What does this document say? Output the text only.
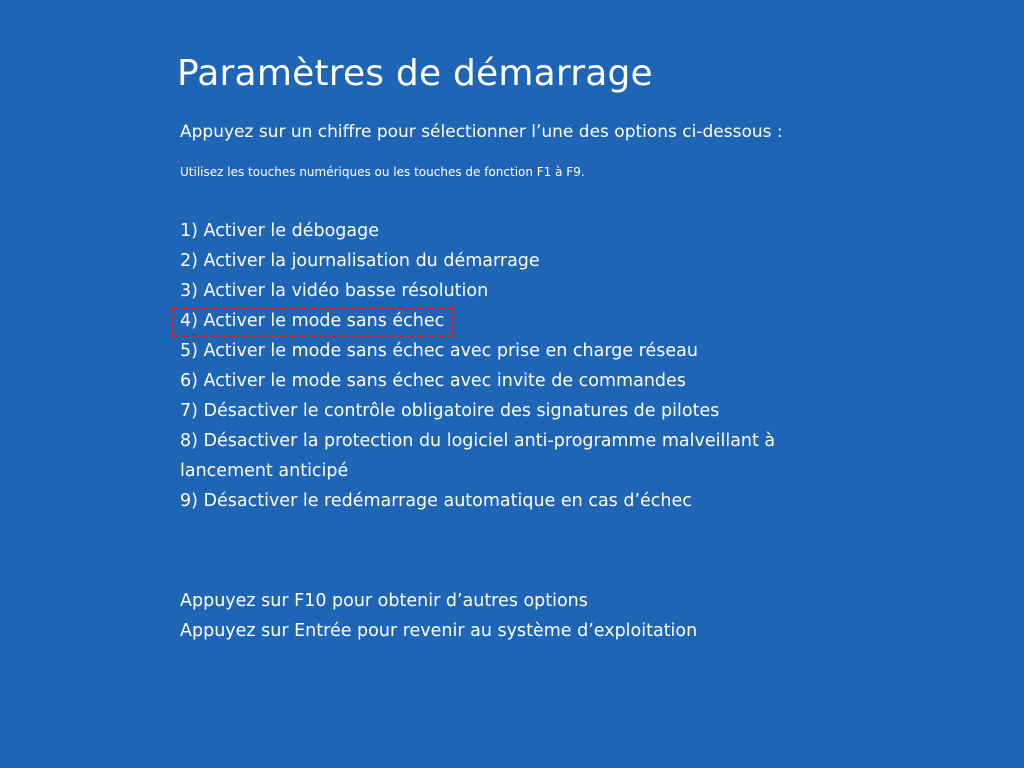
Paramètres de démarrage
Appuyez sur un chiffre pour sélectionner l’une des options ci-dessous :
Utilisez les touches numériques ou les touches de fonction F1 à F9.
1) Activer le débogage
2) Activer la journalisation du démarrage
3) Activer la vidéo basse résolution
4) Activer le mode sans échec
5) Activer le mode sans échec avec prise en charge réseau
6) Activer le mode sans échec avec invite de commandes
7) Désactiver le contrôle obligatoire des signatures de pilotes
8) Désactiver la protection du logiciel anti-programme malveillant à
lancement anticipé
9) Désactiver le redémarrage automatique en cas d’échec
Appuyez sur F10 pour obtenir d’autres options
Appuyez sur Entrée pour revenir au système d’exploitation
